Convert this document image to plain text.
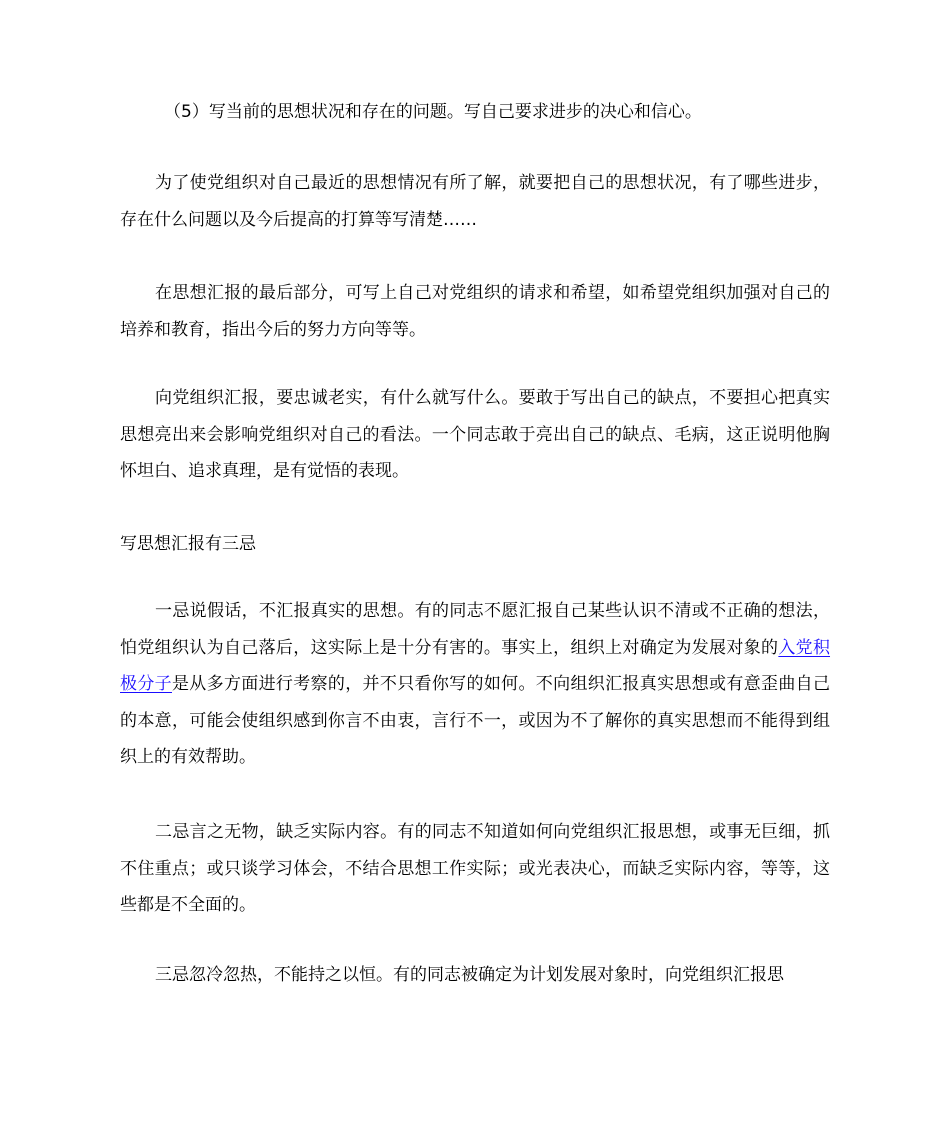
（5）写当前的思想状况和存在的问题。写自己要求进步的决心和信心。

为了使党组织对自己最近的思想情况有所了解，就要把自己的思想状况，有了哪些进步，存在什么问题以及今后提高的打算等写清楚……

在思想汇报的最后部分，可写上自己对党组织的请求和希望，如希望党组织加强对自己的培养和教育，指出今后的努力方向等等。

向党组织汇报，要忠诚老实，有什么就写什么。要敢于写出自己的缺点，不要担心把真实思想亮出来会影响党组织对自己的看法。一个同志敢于亮出自己的缺点、毛病，这正说明他胸怀坦白、追求真理，是有觉悟的表现。

写思想汇报有三忌

一忌说假话，不汇报真实的思想。有的同志不愿汇报自己某些认识不清或不正确的想法，怕党组织认为自己落后，这实际上是十分有害的。事实上，组织上对确定为发展对象的入党积极分子是从多方面进行考察的，并不只看你写的如何。不向组织汇报真实思想或有意歪曲自己的本意，可能会使组织感到你言不由衷，言行不一，或因为不了解你的真实思想而不能得到组织上的有效帮助。

二忌言之无物，缺乏实际内容。有的同志不知道如何向党组织汇报思想，或事无巨细，抓不住重点；或只谈学习体会，不结合思想工作实际；或光表决心，而缺乏实际内容，等等，这些都是不全面的。

三忌忽冷忽热，不能持之以恒。有的同志被确定为计划发展对象时，向党组织汇报思
